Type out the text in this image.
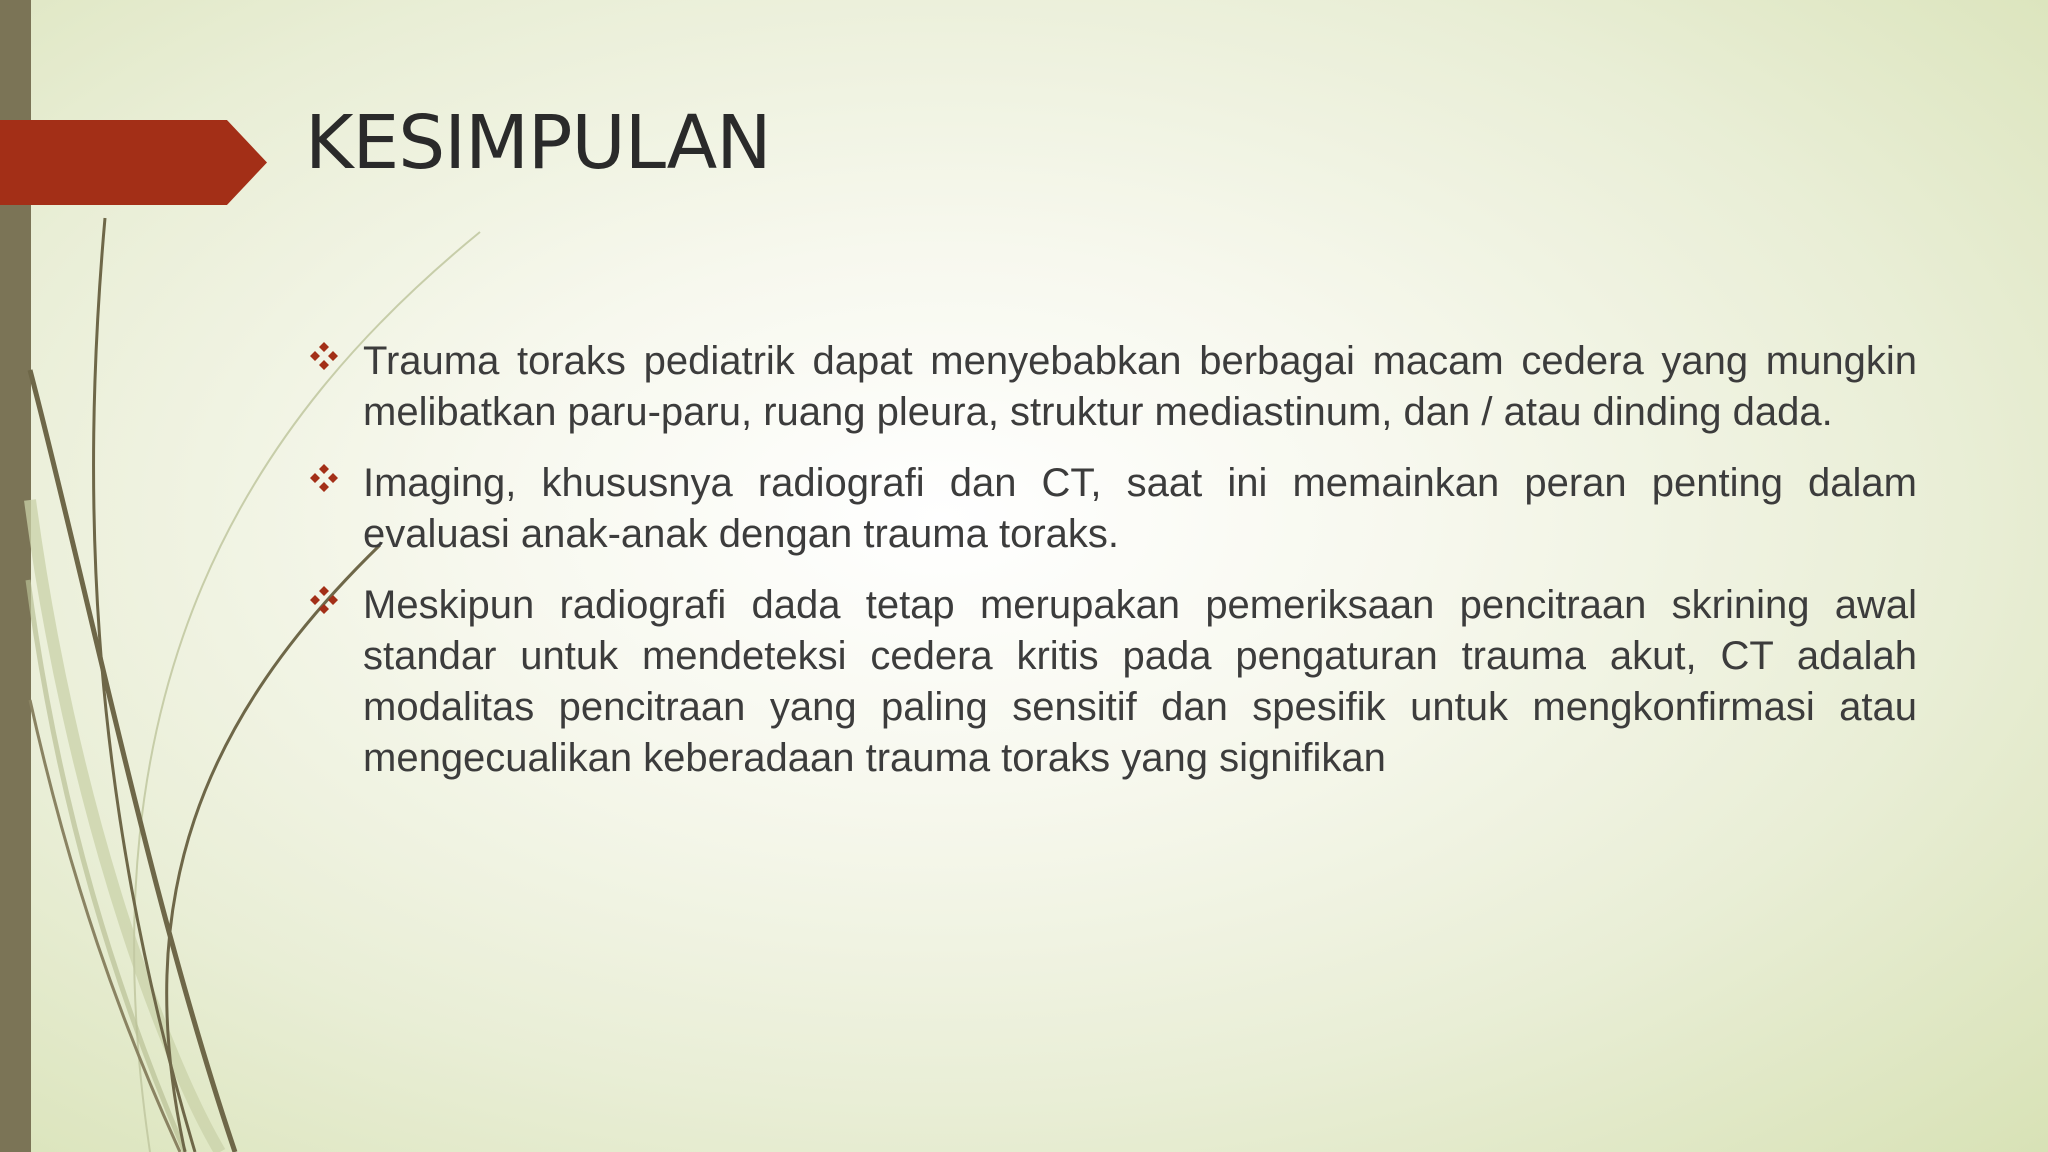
KESIMPULAN
Trauma toraks pediatrik dapat menyebabkan berbagai macam cedera yang mungkin melibatkan paru-paru, ruang pleura, struktur mediastinum, dan / atau dinding dada.
Imaging, khususnya radiografi dan CT, saat ini memainkan peran penting dalam evaluasi anak-anak dengan trauma toraks.
Meskipun radiografi dada tetap merupakan pemeriksaan pencitraan skrining awal standar untuk mendeteksi cedera kritis pada pengaturan trauma akut, CT adalah modalitas pencitraan yang paling sensitif dan spesifik untuk mengkonfirmasi atau mengecualikan keberadaan trauma toraks yang signifikan
